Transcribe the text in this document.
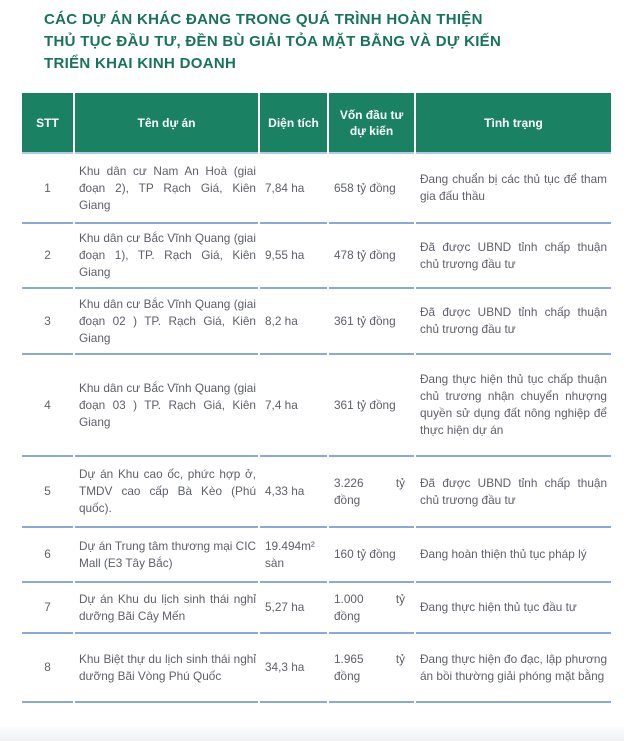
CÁC DỰ ÁN KHÁC ĐANG TRONG QUÁ TRÌNH HOÀN THIỆN
THỦ TỤC ĐẦU TƯ, ĐỀN BÙ GIẢI TỎA MẶT BẰNG VÀ DỰ KIẾN
TRIỂN KHAI KINH DOANH
STT	Tên dự án	Diện tích	Vốn đầu tư dự kiến	Tình trạng
1	Khu dân cư Nam An Hoà (giai đoạn 2), TP Rạch Giá, Kiên Giang	7,84 ha	658 tỷ đồng	Đang chuẩn bị các thủ tục để tham gia đấu thầu
2	Khu dân cư Bắc Vĩnh Quang (giai đoạn 1), TP. Rạch Giá, Kiên Giang	9,55 ha	478 tỷ đồng	Đã được UBND tỉnh chấp thuận chủ trương đầu tư
3	Khu dân cư Bắc Vĩnh Quang (giai đoạn 02 ) TP. Rạch Giá, Kiên Giang	8,2 ha	361 tỷ đồng	Đã được UBND tỉnh chấp thuận chủ trương đầu tư
4	Khu dân cư Bắc Vĩnh Quang (giai đoạn 03 ) TP. Rạch Giá, Kiên Giang	7,4 ha	361 tỷ đồng	Đang thực hiện thủ tục chấp thuận chủ trương nhận chuyển nhượng quyền sử dụng đất nông nghiệp để thực hiện dự án
5	Dự án Khu cao ốc, phức hợp ở, TMDV cao cấp Bà Kèo (Phú quốc).	4,33 ha	3.226 tỷ đồng	Đã được UBND tỉnh chấp thuận chủ trương đầu tư
6	Dự án Trung tâm thương mại CIC Mall (E3 Tây Bắc)	19.494m² sàn	160 tỷ đồng	Đang hoàn thiện thủ tục pháp lý
7	Dự án Khu du lịch sinh thái nghỉ dưỡng Bãi Cây Mến	5,27 ha	1.000 tỷ đồng	Đang thực hiện thủ tục đầu tư
8	Khu Biệt thự du lịch sinh thái nghỉ dưỡng Bãi Vòng Phú Quốc	34,3 ha	1.965 tỷ đồng	Đang thực hiện đo đạc, lập phương án bồi thường giải phóng mặt bằng
